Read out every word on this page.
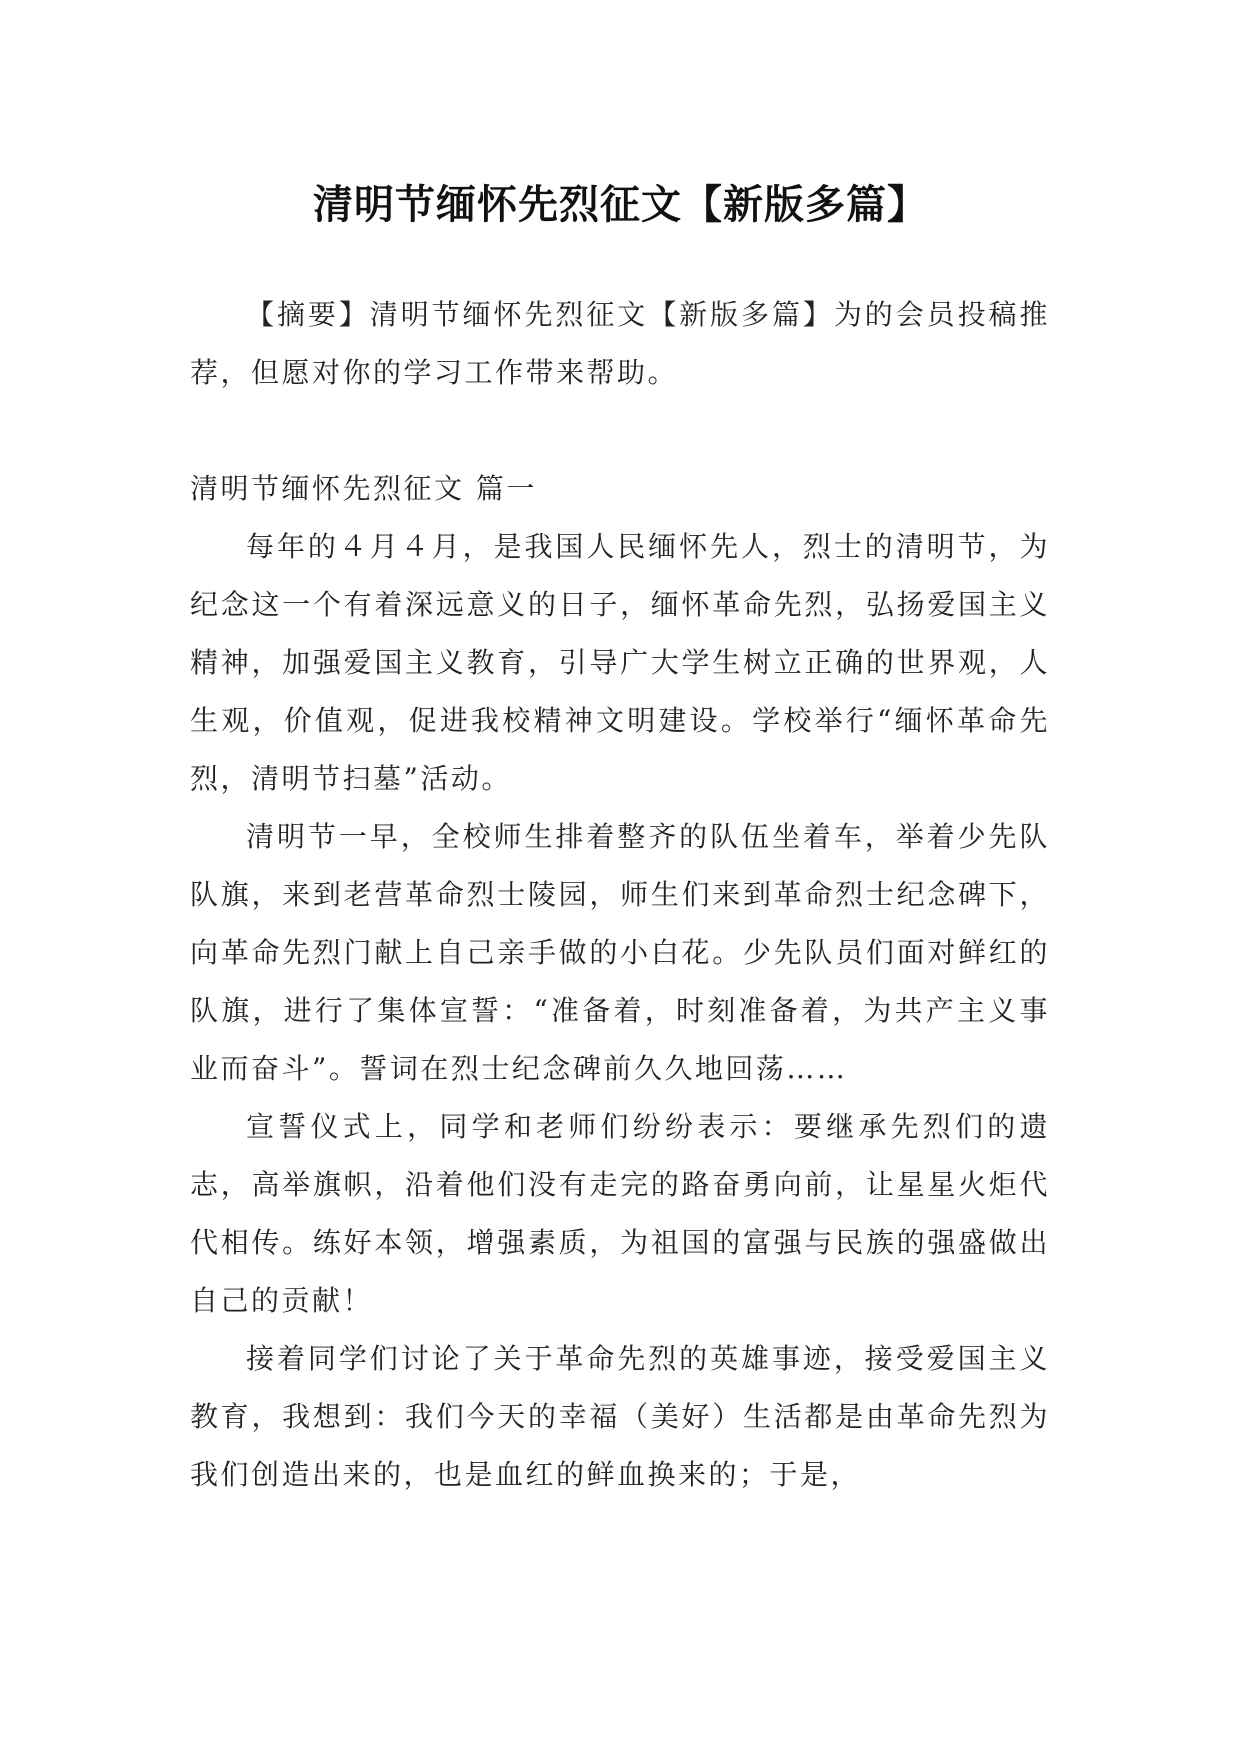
清明节缅怀先烈征文【新版多篇】

【摘要】清明节缅怀先烈征文【新版多篇】为的会员投稿推荐，但愿对你的学习工作带来帮助。

清明节缅怀先烈征文 篇一

每年的４月４月，是我国人民缅怀先人，烈士的清明节，为纪念这一个有着深远意义的日子，缅怀革命先烈，弘扬爱国主义精神，加强爱国主义教育，引导广大学生树立正确的世界观，人生观，价值观，促进我校精神文明建设。学校举行“缅怀革命先烈，清明节扫墓”活动。

清明节一早，全校师生排着整齐的队伍坐着车，举着少先队队旗，来到老营革命烈士陵园，师生们来到革命烈士纪念碑下，向革命先烈门献上自己亲手做的小白花。少先队员们面对鲜红的队旗，进行了集体宣誓：“准备着，时刻准备着，为共产主义事业而奋斗”。誓词在烈士纪念碑前久久地回荡……

宣誓仪式上，同学和老师们纷纷表示：要继承先烈们的遗志，高举旗帜，沿着他们没有走完的路奋勇向前，让星星火炬代代相传。练好本领，增强素质，为祖国的富强与民族的强盛做出自己的贡献！

接着同学们讨论了关于革命先烈的英雄事迹，接受爱国主义教育，我想到：我们今天的幸福（美好）生活都是由革命先烈为我们创造出来的，也是血红的鲜血换来的；于是，
